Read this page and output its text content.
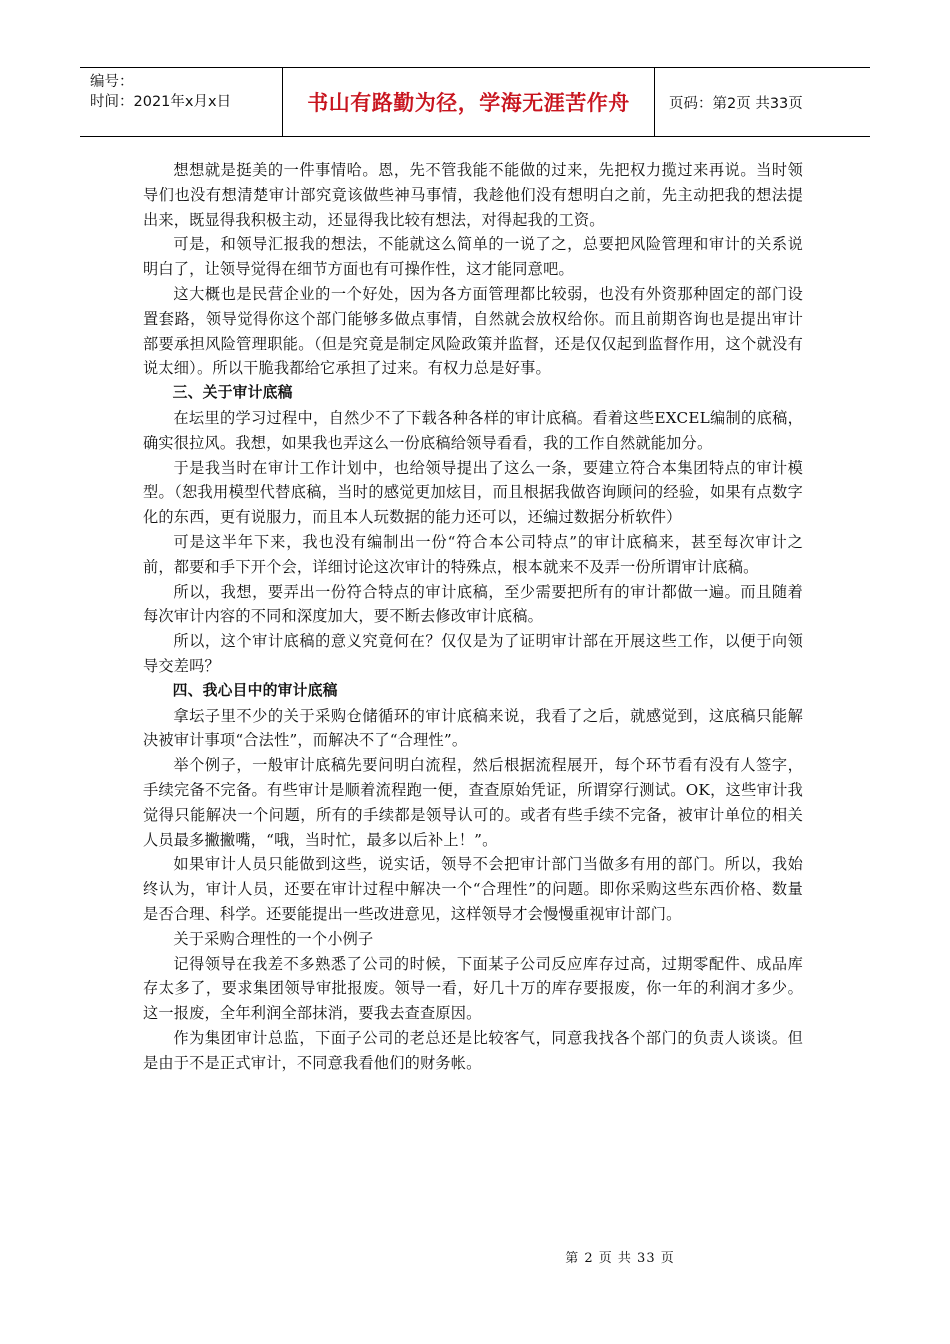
编号：
时间：2021年x月x日	书山有路勤为径，学海无涯苦作舟	页码：第2页 共33页

想想就是挺美的一件事情哈。恩，先不管我能不能做的过来，先把权力揽过来再说。当时领导们也没有想清楚审计部究竟该做些神马事情，我趁他们没有想明白之前，先主动把我的想法提出来，既显得我积极主动，还显得我比较有想法，对得起我的工资。

可是，和领导汇报我的想法，不能就这么简单的一说了之，总要把风险管理和审计的关系说明白了，让领导觉得在细节方面也有可操作性，这才能同意吧。

这大概也是民营企业的一个好处，因为各方面管理都比较弱，也没有外资那种固定的部门设置套路，领导觉得你这个部门能够多做点事情，自然就会放权给你。而且前期咨询也是提出审计部要承担风险管理职能。（但是究竟是制定风险政策并监督，还是仅仅起到监督作用，这个就没有说太细）。所以干脆我都给它承担了过来。有权力总是好事。

三、关于审计底稿

在坛里的学习过程中，自然少不了下载各种各样的审计底稿。看着这些EXCEL编制的底稿，确实很拉风。我想，如果我也弄这么一份底稿给领导看看，我的工作自然就能加分。

于是我当时在审计工作计划中，也给领导提出了这么一条，要建立符合本集团特点的审计模型。（恕我用模型代替底稿，当时的感觉更加炫目，而且根据我做咨询顾问的经验，如果有点数字化的东西，更有说服力，而且本人玩数据的能力还可以，还编过数据分析软件）

可是这半年下来，我也没有编制出一份“符合本公司特点”的审计底稿来，甚至每次审计之前，都要和手下开个会，详细讨论这次审计的特殊点，根本就来不及弄一份所谓审计底稿。

所以，我想，要弄出一份符合特点的审计底稿，至少需要把所有的审计都做一遍。而且随着每次审计内容的不同和深度加大，要不断去修改审计底稿。

所以，这个审计底稿的意义究竟何在？仅仅是为了证明审计部在开展这些工作，以便于向领导交差吗？

四、我心目中的审计底稿

拿坛子里不少的关于采购仓储循环的审计底稿来说，我看了之后，就感觉到，这底稿只能解决被审计事项“合法性”，而解决不了“合理性”。

举个例子，一般审计底稿先要问明白流程，然后根据流程展开，每个环节看有没有人签字，手续完备不完备。有些审计是顺着流程跑一便，查查原始凭证，所谓穿行测试。OK，这些审计我觉得只能解决一个问题，所有的手续都是领导认可的。或者有些手续不完备，被审计单位的相关人员最多撇撇嘴，“哦，当时忙，最多以后补上！”。

如果审计人员只能做到这些，说实话，领导不会把审计部门当做多有用的部门。所以，我始终认为，审计人员，还要在审计过程中解决一个“合理性”的问题。即你采购这些东西价格、数量是否合理、科学。还要能提出一些改进意见，这样领导才会慢慢重视审计部门。

关于采购合理性的一个小例子

记得领导在我差不多熟悉了公司的时候，下面某子公司反应库存过高，过期零配件、成品库存太多了，要求集团领导审批报废。领导一看，好几十万的库存要报废，你一年的利润才多少。这一报废，全年利润全部抹消，要我去查查原因。

作为集团审计总监，下面子公司的老总还是比较客气，同意我找各个部门的负责人谈谈。但是由于不是正式审计，不同意我看他们的财务帐。

第 2 页 共 33 页
